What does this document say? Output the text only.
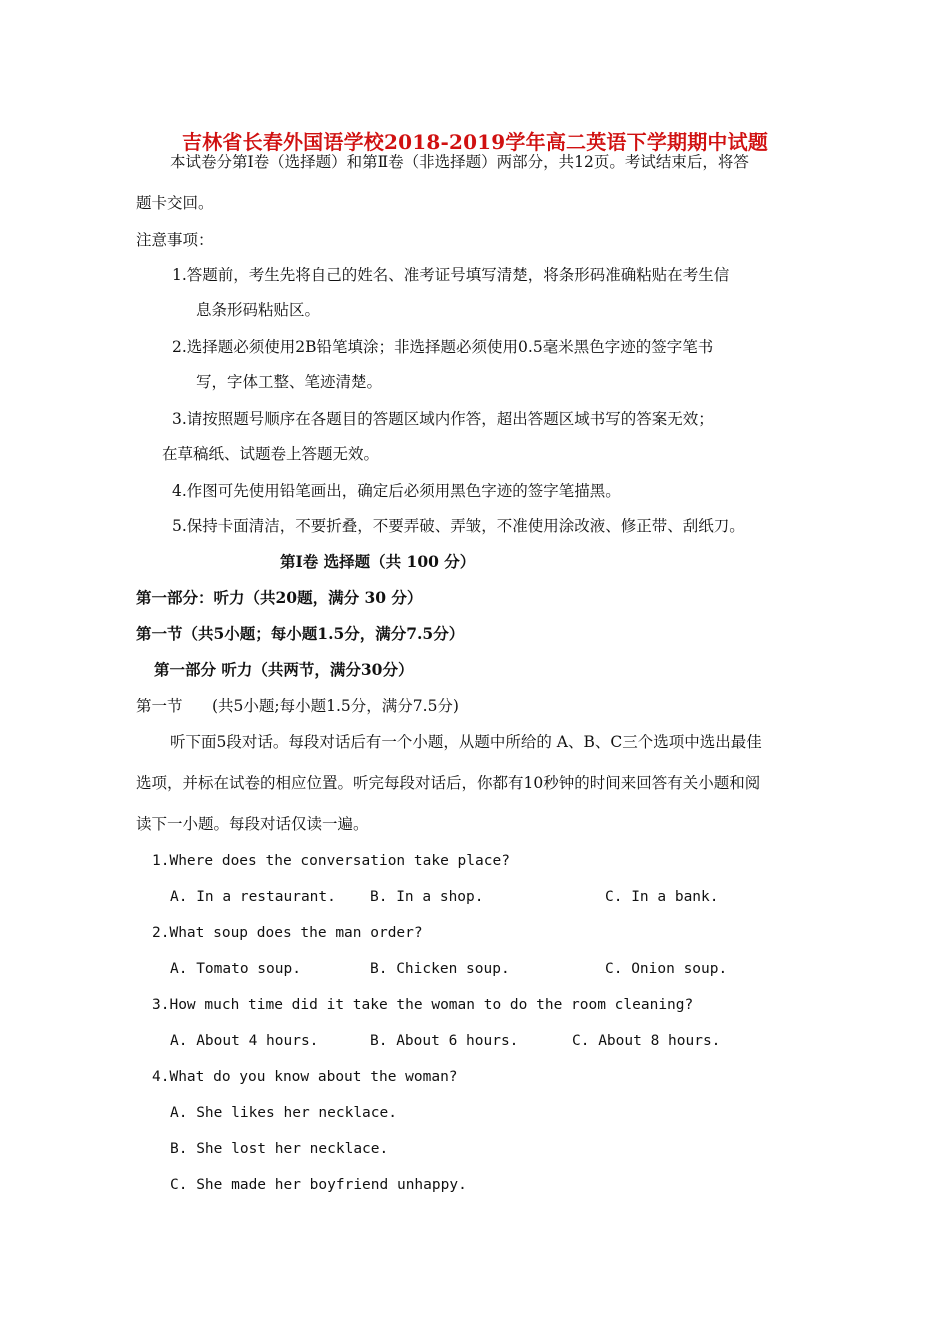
吉林省长春外国语学校2018-2019学年高二英语下学期期中试题
本试卷分第Ⅰ卷（选择题）和第Ⅱ卷（非选择题）两部分，共12页。考试结束后，将答
题卡交回。
注意事项：
1.答题前，考生先将自己的姓名、准考证号填写清楚，将条形码准确粘贴在考生信
息条形码粘贴区。
2.选择题必须使用2B铅笔填涂；非选择题必须使用0.5毫米黑色字迹的签字笔书
写，字体工整、笔迹清楚。
3.请按照题号顺序在各题目的答题区域内作答，超出答题区域书写的答案无效；
在草稿纸、试题卷上答题无效。
4.作图可先使用铅笔画出，确定后必须用黑色字迹的签字笔描黑。
5.保持卡面清洁，不要折叠，不要弄破、弄皱，不准使用涂改液、修正带、刮纸刀。
第Ⅰ卷 选择题（共 100 分）
第一部分：听力（共20题，满分 30 分）
第一节（共5小题；每小题1.5分，满分7.5分）
第一部分 听力（共两节，满分30分）
第一节 (共5小题;每小题1.5分，满分7.5分)
听下面5段对话。每段对话后有一个小题，从题中所给的 A、B、C三个选项中选出最佳
选项，并标在试卷的相应位置。听完每段对话后，你都有10秒钟的时间来回答有关小题和阅
读下一小题。每段对话仅读一遍。
1.Where does the conversation take place?
A. In a restaurant. B. In a shop.	C. In a bank.
2.What soup does the man order?
A. Tomato soup.	B. Chicken soup.	C. Onion soup.
3.How much time did it take the woman to do the room cleaning?
A. About 4 hours.	B. About 6 hours.	C. About 8 hours.
4.What do you know about the woman?
A. She likes her necklace.
B. She lost her necklace.
C. She made her boyfriend unhappy.
